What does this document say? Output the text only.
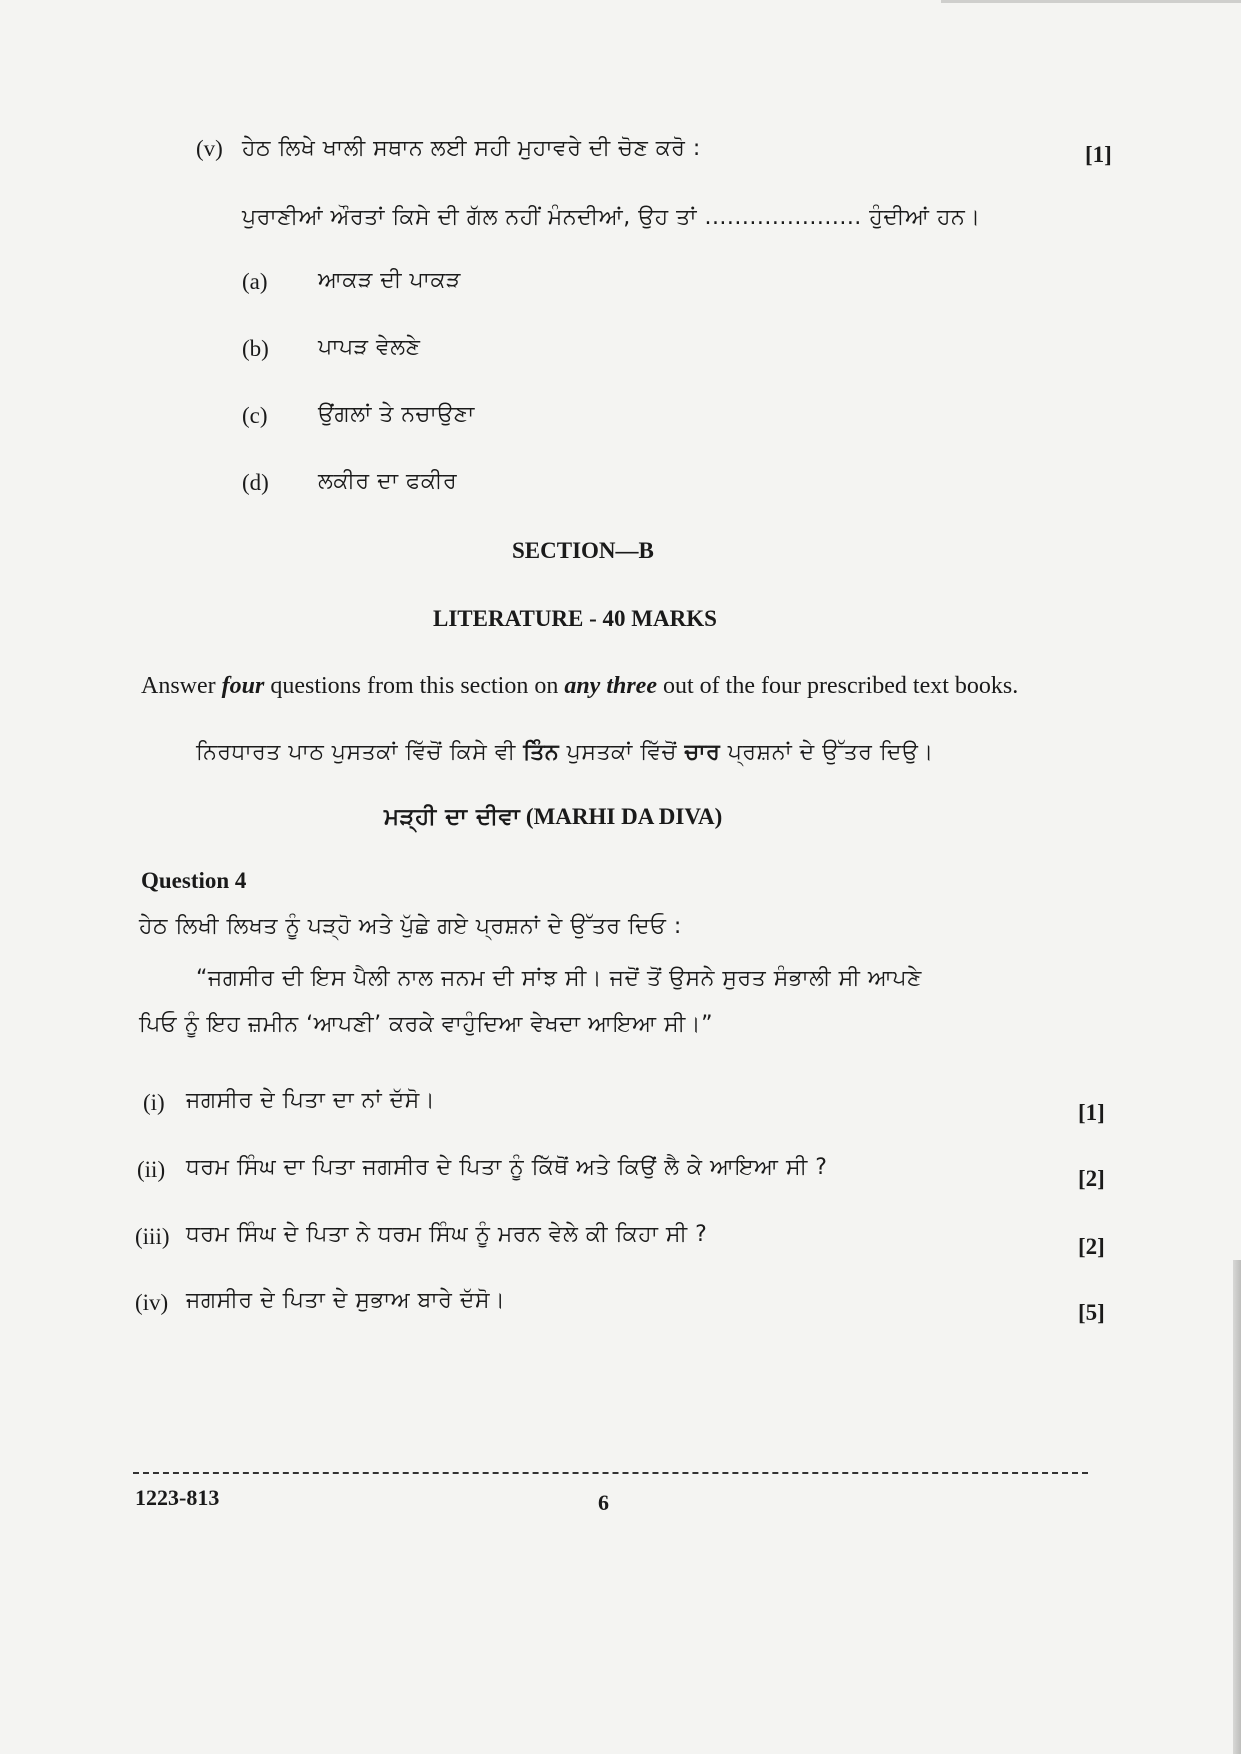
(v) ਹੇਠ ਲਿਖੇ ਖਾਲੀ ਸਥਾਨ ਲਈ ਸਹੀ ਮੁਹਾਵਰੇ ਦੀ ਚੋਣ ਕਰੋ :	[1]
ਪੁਰਾਣੀਆਂ ਔਰਤਾਂ ਕਿਸੇ ਦੀ ਗੱਲ ਨਹੀਂ ਮੰਨਦੀਆਂ, ਉਹ ਤਾਂ ..................... ਹੁੰਦੀਆਂ ਹਨ।
(a) ਆਕੜ ਦੀ ਪਾਕੜ
(b) ਪਾਪੜ ਵੇਲਣੇ
(c) ਉਂਗਲਾਂ ਤੇ ਨਚਾਉਣਾ
(d) ਲਕੀਰ ਦਾ ਫਕੀਰ
SECTION—B
LITERATURE - 40 MARKS
Answer four questions from this section on any three out of the four prescribed text books.
ਨਿਰਧਾਰਤ ਪਾਠ ਪੁਸਤਕਾਂ ਵਿੱਚੋਂ ਕਿਸੇ ਵੀ ਤਿੰਨ ਪੁਸਤਕਾਂ ਵਿੱਚੋਂ ਚਾਰ ਪ੍ਰਸ਼ਨਾਂ ਦੇ ਉੱਤਰ ਦਿਉ।
ਮੜ੍ਹੀ ਦਾ ਦੀਵਾ (MARHI DA DIVA)
Question 4
ਹੇਠ ਲਿਖੀ ਲਿਖਤ ਨੂੰ ਪੜ੍ਹੋ ਅਤੇ ਪੁੱਛੇ ਗਏ ਪ੍ਰਸ਼ਨਾਂ ਦੇ ਉੱਤਰ ਦਿਓ :
“ਜਗਸੀਰ ਦੀ ਇਸ ਪੈਲੀ ਨਾਲ ਜਨਮ ਦੀ ਸਾਂਝ ਸੀ। ਜਦੋਂ ਤੋਂ ਉਸਨੇ ਸੁਰਤ ਸੰਭਾਲੀ ਸੀ ਆਪਣੇ
ਪਿਓ ਨੂੰ ਇਹ ਜ਼ਮੀਨ ‘ਆਪਣੀ’ ਕਰਕੇ ਵਾਹੁੰਦਿਆ ਵੇਖਦਾ ਆਇਆ ਸੀ।”
(i) ਜਗਸੀਰ ਦੇ ਪਿਤਾ ਦਾ ਨਾਂ ਦੱਸੋ।	[1]
(ii) ਧਰਮ ਸਿੰਘ ਦਾ ਪਿਤਾ ਜਗਸੀਰ ਦੇ ਪਿਤਾ ਨੂੰ ਕਿੱਥੋਂ ਅਤੇ ਕਿਉਂ ਲੈ ਕੇ ਆਇਆ ਸੀ ?	[2]
(iii) ਧਰਮ ਸਿੰਘ ਦੇ ਪਿਤਾ ਨੇ ਧਰਮ ਸਿੰਘ ਨੂੰ ਮਰਨ ਵੇਲੇ ਕੀ ਕਿਹਾ ਸੀ ?	[2]
(iv) ਜਗਸੀਰ ਦੇ ਪਿਤਾ ਦੇ ਸੁਭਾਅ ਬਾਰੇ ਦੱਸੋ।	[5]
1223-813	6
